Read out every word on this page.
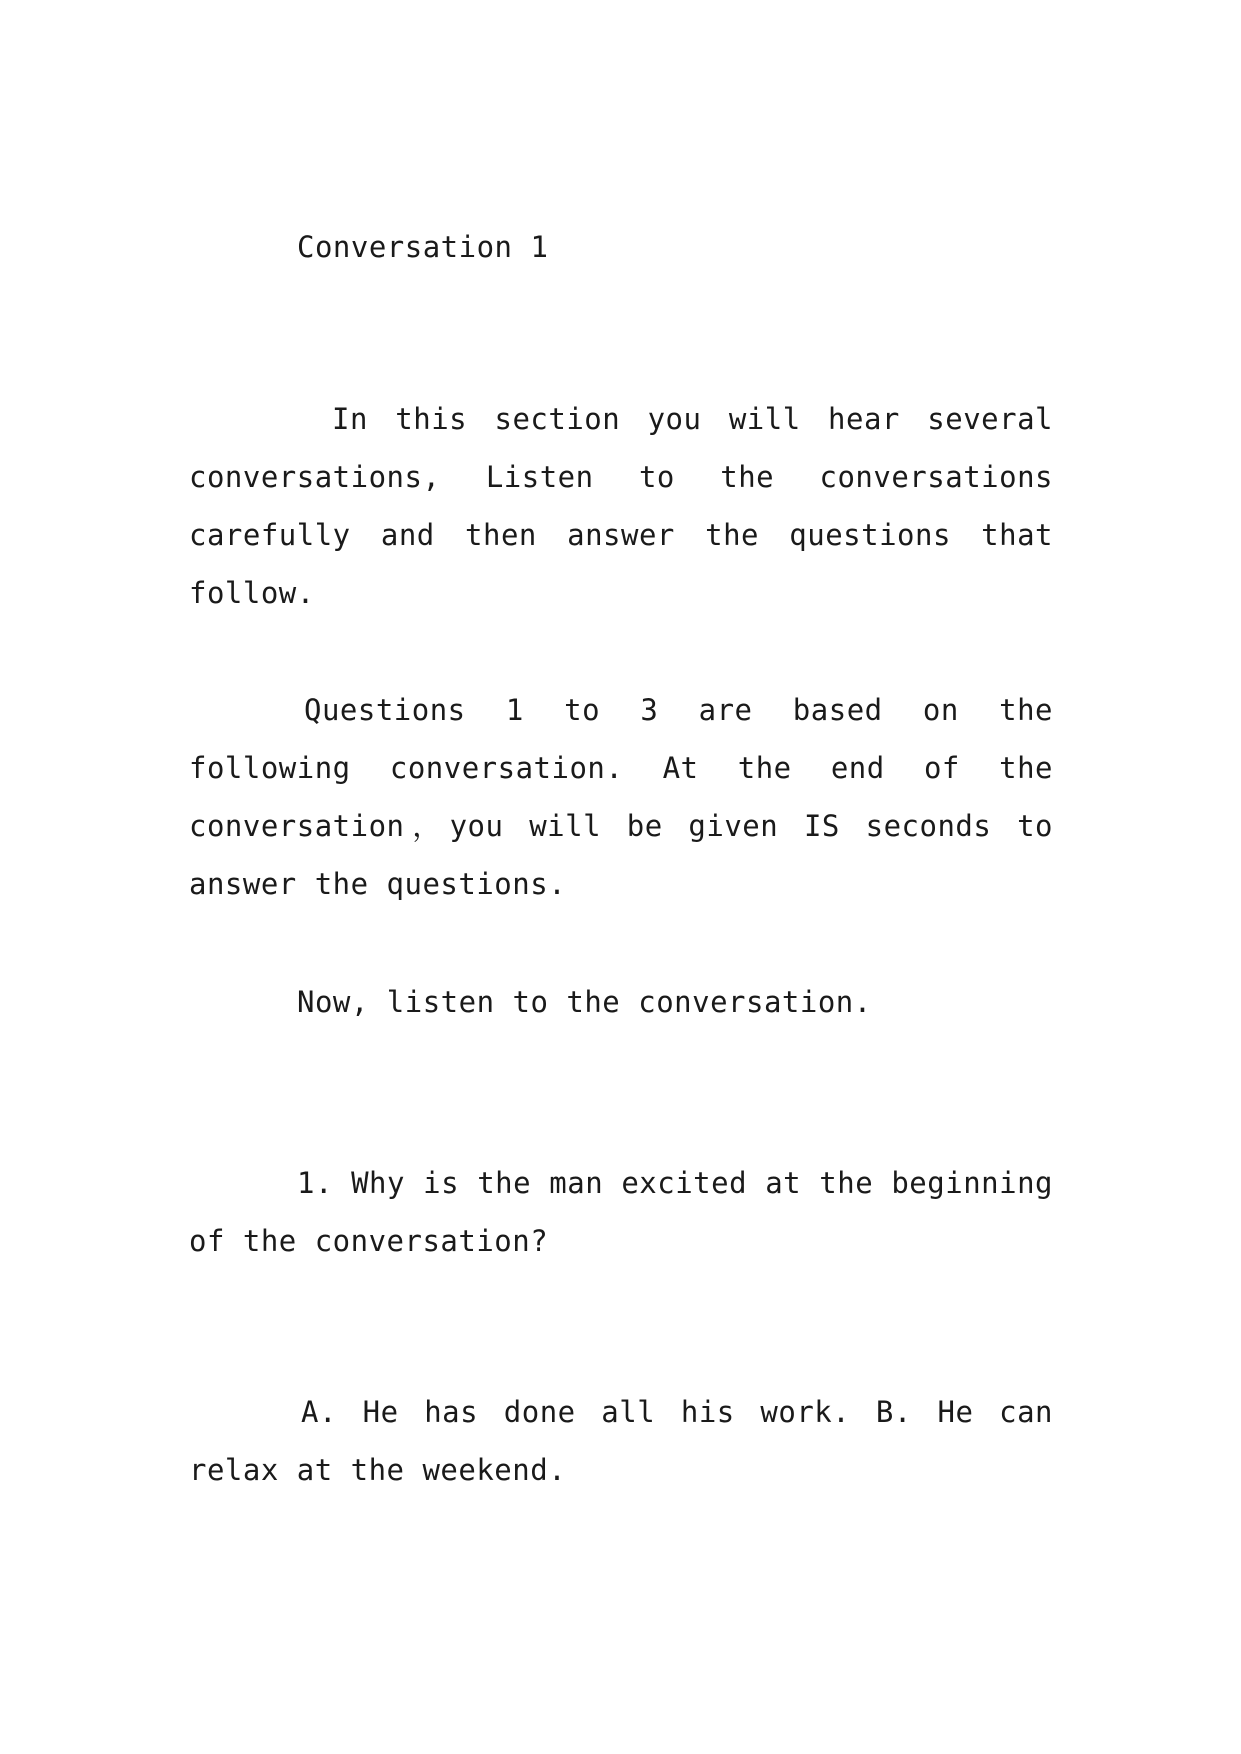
Conversation 1

In this section you will hear several conversations, Listen to the conversations carefully and then answer the questions that follow.

Questions 1 to 3 are based on the following conversation. At the end of the conversation，you will be given IS seconds to answer the questions.

Now, listen to the conversation.

1. Why is the man excited at the beginning of the conversation?

A. He has done all his work. B. He can relax at the weekend.
